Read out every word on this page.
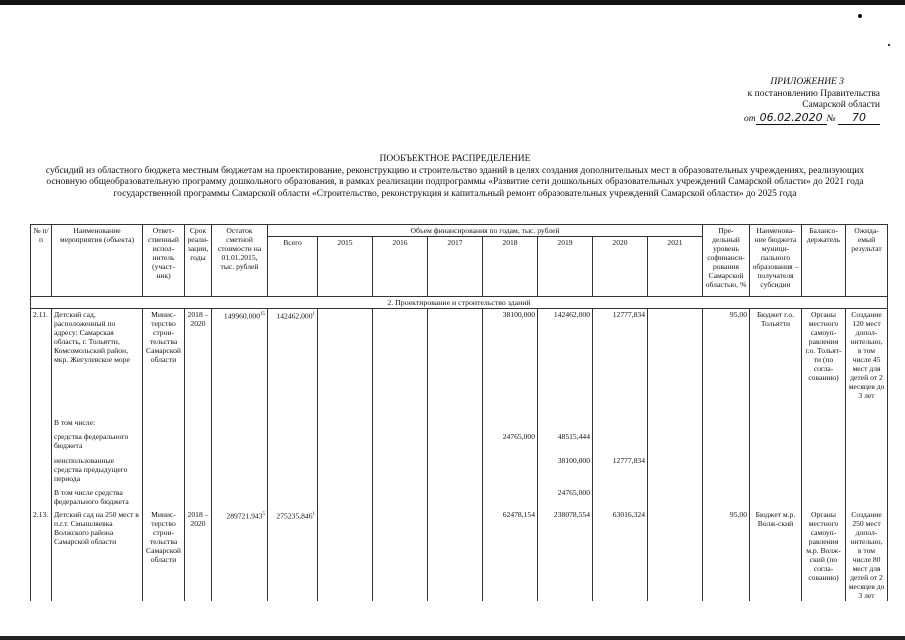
ПРИЛОЖЕНИЕ 3
к постановлению Правительства
Самарской области
от 06.02.2020 № 70
ПООБЪЕКТНОЕ РАСПРЕДЕЛЕНИЕ
субсидий из областного бюджета местным бюджетам на проектирование, реконструкцию и строительство зданий в целях создания дополнительных мест в образовательных учреждениях, реализующих основную общеобразовательную программу дошкольного образования, в рамках реализации подпрограммы «Развитие сети дошкольных образовательных учреждений Самарской области» до 2021 года государственной программы Самарской области «Строительство, реконструкция и капитальный ремонт образовательных учреждений Самарской области» до 2025 года
№ п/п	Наименование мероприятия (объекта)	Ответ-ственный испол-нитель (участ-ник)	Срок реали-зации, годы	Остаток сметной стоимости на 01.01.2015, тыс. рублей	Объем финансирования по годам, тыс. рублей								Пре-дельный уровень софинанси-рования Самарской областью, %	Наименова-ние бюджета муници-пального образования – получателя субсидии	Балансо-держатель	Ожида-емый результат
					Всего	2015	2016	2017	2018	2019	2020	2021				
2. Проектирование и строительство зданий																
2.11.	Детский сад, расположенный по адресу: Самарская область, г. Тольятти, Комсомольский район, мкр. Жигулевское море	Минис-терство строи-тельства Самарской области	2018 – 2020	149960,000$^{15}$	142462,000$^1$				38100,000	142462,000	12777,834		95,00	Бюджет г.о. Тольятти	Органы местного самоуп-равления г.о. Тольят-ти (по согла-сованию)	Создание 120 мест допол-нительно, в том числе 45 мест для детей от 2 месяцев до 3 лет
	В том числе:															
	средства федерального бюджета								24765,000	48515,444						
	неиспользованные средства предыдущего периода									38100,000	12777,834					
	В том числе средства федерального бюджета									24765,000						
2.13.	Детский сад на 250 мест в п.г.т. Смышляевка Волжского района Самарской области	Минис-терство строи-тельства Самарской области	2018 – 2020	289721,943$^5$	275235,846$^1$				62478,154	238078,554	63016,324		95,00	Бюджет м.р. Волж-ский	Органы местного самоуп-равления м.р. Волж-ский (по согла-сованию)	Создание 250 мест допол-нительно, в том числе 80 мест для детей от 2 месяцев до 3 лет
